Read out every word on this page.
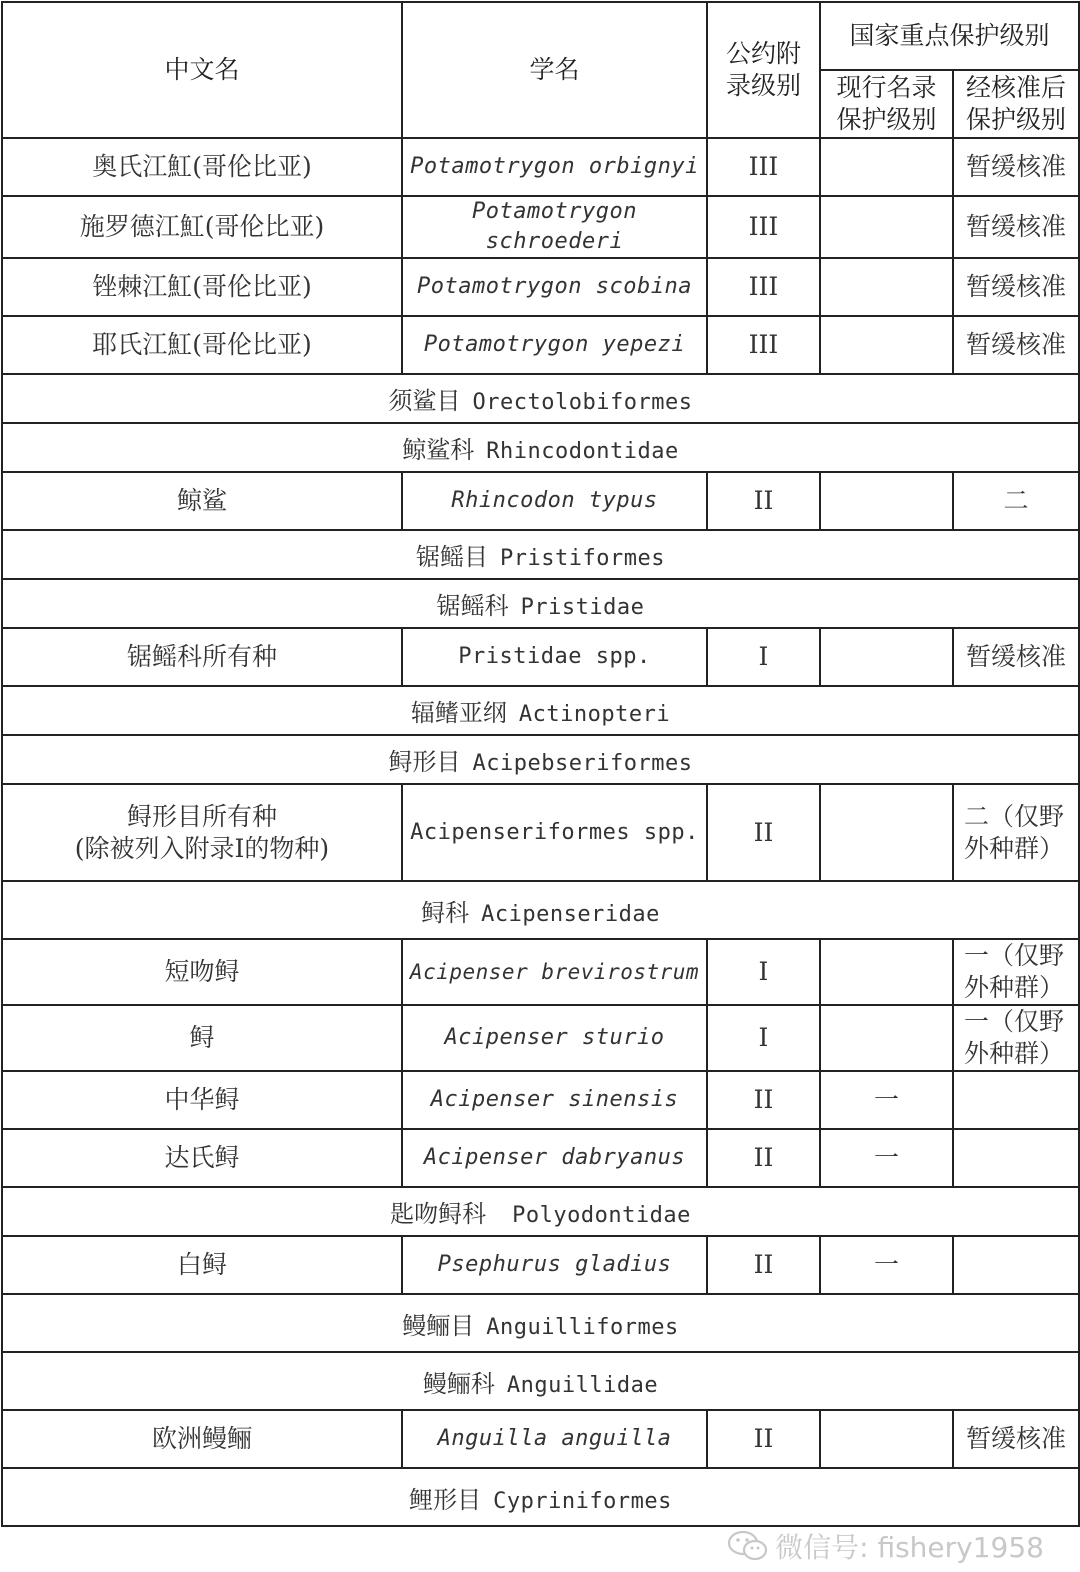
中文名	学名	公约附录级别	国家重点保护级别	
			现行名录保护级别	经核准后保护级别
奥氏江魟(哥伦比亚)	Potamotrygon orbignyi	III		暂缓核准
施罗德江魟(哥伦比亚)	Potamotrygon schroederi	III		暂缓核准
锉棘江魟(哥伦比亚)	Potamotrygon scobina	III		暂缓核准
耶氏江魟(哥伦比亚)	Potamotrygon yepezi	III		暂缓核准
须鲨目 Orectolobiformes				
鲸鲨科 Rhincodontidae				
鲸鲨	Rhincodon typus	II		二
锯鳐目 Pristiformes				
锯鳐科 Pristidae				
锯鳐科所有种	Pristidae spp.	I		暂缓核准
辐鳍亚纲 Actinopteri				
鲟形目 Acipebseriformes				
鲟形目所有种
(除被列入附录Ⅰ的物种)	Acipenseriformes spp.	II		二（仅野外种群）
鲟科 Acipenseridae				
短吻鲟	Acipenser brevirostrum	I		一（仅野外种群）
鲟	Acipenser sturio	I		一（仅野外种群）
中华鲟	Acipenser sinensis	II	一	
达氏鲟	Acipenser dabryanus	II	一	
匙吻鲟科 Polyodontidae				
白鲟	Psephurus gladius	II	一	
鳗鲡目 Anguilliformes				
鳗鲡科 Anguillidae				
欧洲鳗鲡	Anguilla anguilla	II		暂缓核准
鲤形目 Cypriniformes				
微信号: fishery1958
